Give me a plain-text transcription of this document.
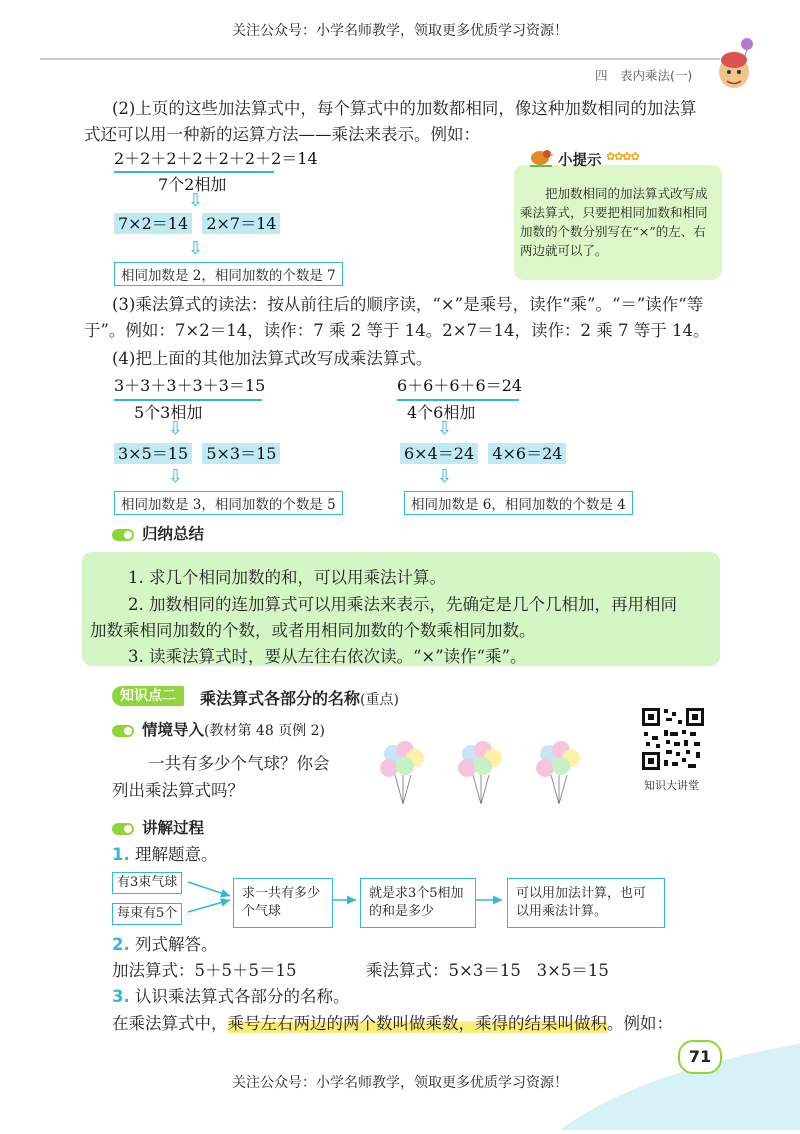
关注公众号：小学名师教学，领取更多优质学习资源！
四　表内乘法(一)
(2)上页的这些加法算式中，每个算式中的加数都相同，像这种加数相同的加法算
式还可以用一种新的运算方法——乘法来表示。例如：
2＋2＋2＋2＋2＋2＋2＝14
7个2相加
⇩
7×2＝14 2×7＝14
⇩
相同加数是 2，相同加数的个数是 7
小提示 ✿✿✿✿
把加数相同的加法算式改写成乘法算式，只要把相同加数和相同加数的个数分别写在“×”的左、右两边就可以了。
(3)乘法算式的读法：按从前往后的顺序读，“×”是乘号，读作“乘”。“＝”读作“等
于”。例如：7×2＝14，读作：7 乘 2 等于 14。2×7＝14，读作：2 乘 7 等于 14。
(4)把上面的其他加法算式改写成乘法算式。
3＋3＋3＋3＋3＝15
5个3相加
⇩
3×5＝15 5×3＝15
⇩
相同加数是 3，相同加数的个数是 5
6＋6＋6＋6＝24
4个6相加
⇩
6×4＝24 4×6＝24
⇩
相同加数是 6，相同加数的个数是 4
归纳总结
1. 求几个相同加数的和，可以用乘法计算。
2. 加数相同的连加算式可以用乘法来表示，先确定是几个几相加，再用相同
加数乘相同加数的个数，或者用相同加数的个数乘相同加数。
3. 读乘法算式时，要从左往右依次读。“×”读作“乘”。
知识点二	乘法算式各部分的名称(重点)
情境导入(教材第 48 页例 2)
一共有多少个气球？你会
列出乘法算式吗？	知识大讲堂
讲解过程
1. 理解题意。
有3束气球
每束有5个
求一共有多少个气球
就是求3个5相加的和是多少
可以用加法计算，也可以用乘法计算。
2. 列式解答。
加法算式：5＋5＋5＝15	乘法算式：5×3＝15 3×5＝15
3. 认识乘法算式各部分的名称。
在乘法算式中，乘号左右两边的两个数叫做乘数，乘得的结果叫做积。例如：
71
关注公众号：小学名师教学，领取更多优质学习资源！
